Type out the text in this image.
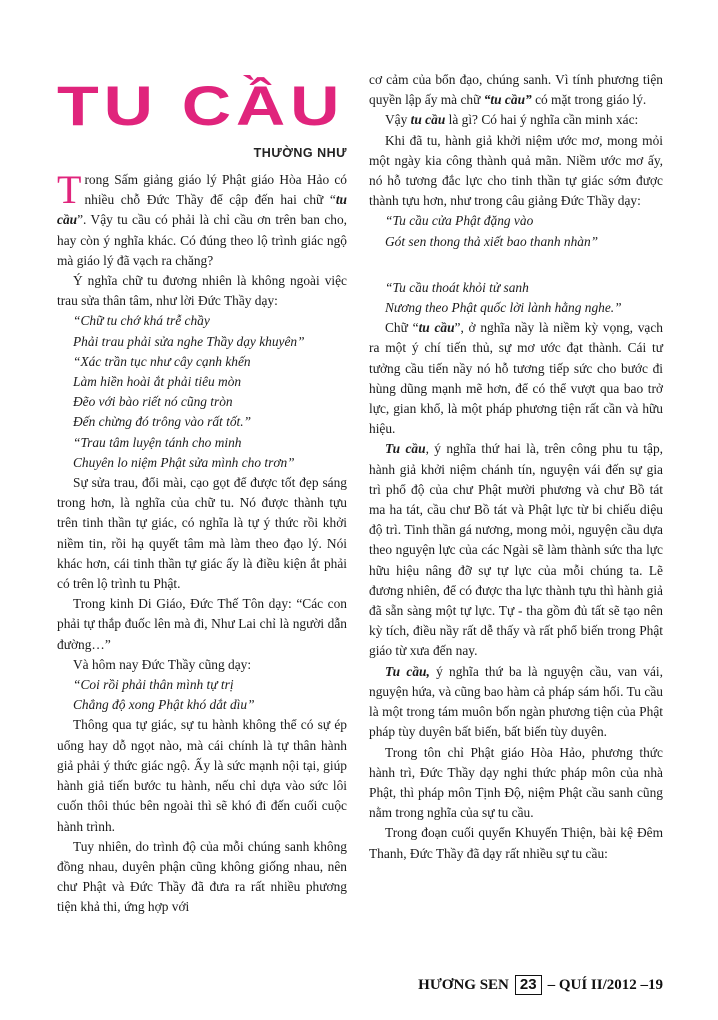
TU CẦU
THƯỜNG NHƯ

Trong Sấm giảng giáo lý Phật giáo Hòa Hảo có nhiều chỗ Đức Thầy để cập đến hai chữ “tu cầu”. Vậy tu cầu có phải là chỉ cầu ơn trên ban cho, hay còn ý nghĩa khác. Có đúng theo lộ trình giác ngộ mà giáo lý đã vạch ra chăng?

Ý nghĩa chữ tu đương nhiên là không ngoài việc trau sửa thân tâm, như lời Đức Thầy dạy:

“Chữ tu chớ khá trễ chầy

Phải trau phải sửa nghe Thầy dạy khuyên”

“Xác trần tục như cây cạnh khến

Làm hiền hoài ắt phải tiêu mòn

Đẽo với bào riết nó cũng tròn

Đến chừng đó trông vào rất tốt.”

“Trau tâm luyện tánh cho minh

Chuyên lo niệm Phật sửa mình cho trơn”

Sự sửa trau, đổi mài, cạo gọt để được tốt đẹp sáng trong hơn, là nghĩa của chữ tu. Nó được thành tựu trên tinh thần tự giác, có nghĩa là tự ý thức rồi khởi niềm tin, rồi hạ quyết tâm mà làm theo đạo lý. Nói khác hơn, cái tinh thần tự giác ấy là điều kiện ắt phải có trên lộ trình tu Phật.

Trong kinh Di Giáo, Đức Thế Tôn dạy: “Các con phải tự thắp đuốc lên mà đi, Như Lai chỉ là người dẫn đường…”

Và hôm nay Đức Thầy cũng dạy:

“Coi rồi phải thân mình tự trị

Chẳng độ xong Phật khó dắt dìu”

Thông qua tự giác, sự tu hành không thể có sự ép uổng hay dỗ ngọt nào, mà cái chính là tự thân hành giả phải ý thức giác ngộ. Ấy là sức mạnh nội tại, giúp hành giả tiến bước tu hành, nếu chỉ dựa vào sức lôi cuốn thôi thúc bên ngoài thì sẽ khó đi đến cuối cuộc hành trình.

Tuy nhiên, do trình độ của mỗi chúng sanh không đồng nhau, duyên phận cũng không giống nhau, nên chư Phật và Đức Thầy đã đưa ra rất nhiều phương tiện khả thi, ứng hợp với

cơ cảm của bổn đạo, chúng sanh. Vì tính phương tiện quyền lập ấy mà chữ “tu cầu” có mặt trong giáo lý.

Vậy tu cầu là gì? Có hai ý nghĩa cần minh xác:

Khi đã tu, hành giả khởi niệm ước mơ, mong mỏi một ngày kia công thành quả mãn. Niềm ước mơ ấy, nó hỗ tương đắc lực cho tinh thần tự giác sớm được thành tựu hơn, như trong câu giảng Đức Thầy dạy:

“Tu cầu cửa Phật đặng vào

Gót sen thong thả xiết bao thanh nhàn”

“Tu cầu thoát khỏi tử sanh

Nương theo Phật quốc lời lành hằng nghe.”

Chữ “tu cầu”, ở nghĩa nầy là niềm kỳ vọng, vạch ra một ý chí tiến thủ, sự mơ ước đạt thành. Cái tư tưởng cầu tiến nầy nó hỗ tương tiếp sức cho bước đi hùng dũng mạnh mẽ hơn, để có thể vượt qua bao trở lực, gian khổ, là một pháp phương tiện rất cần và hữu hiệu.

Tu cầu, ý nghĩa thứ hai là, trên công phu tu tập, hành giả khởi niệm chánh tín, nguyện vái đến sự gia trì phổ độ của chư Phật mười phương và chư Bồ tát ma ha tát, cầu chư Bồ tát và Phật lực từ bi chiếu diệu độ trì. Tinh thần gá nương, mong mỏi, nguyện cầu dựa theo nguyện lực của các Ngài sẽ làm thành sức tha lực hữu hiệu nâng đỡ sự tự lực của mỗi chúng ta. Lẽ đương nhiên, để có được tha lực thành tựu thì hành giả đã sẵn sàng một tự lực. Tự - tha gồm đủ tất sẽ tạo nên kỳ tích, điều nầy rất dễ thấy và rất phổ biến trong Phật giáo từ xưa đến nay.

Tu cầu, ý nghĩa thứ ba là nguyện cầu, van vái, nguyện hứa, và cũng bao hàm cả pháp sám hối. Tu cầu là một trong tám muôn bốn ngàn phương tiện của Phật pháp tùy duyên bất biến, bất biến tùy duyên.

Trong tôn chỉ Phật giáo Hòa Hảo, phương thức hành trì, Đức Thầy dạy nghi thức pháp môn của nhà Phật, thì pháp môn Tịnh Độ, niệm Phật cầu sanh cũng nằm trong nghĩa của sự tu cầu.

Trong đoạn cuối quyển Khuyến Thiện, bài kệ Đêm Thanh, Đức Thầy đã dạy rất nhiều sự tu cầu:

HƯƠNG SEN 23 – QUÍ II/2012 –19
